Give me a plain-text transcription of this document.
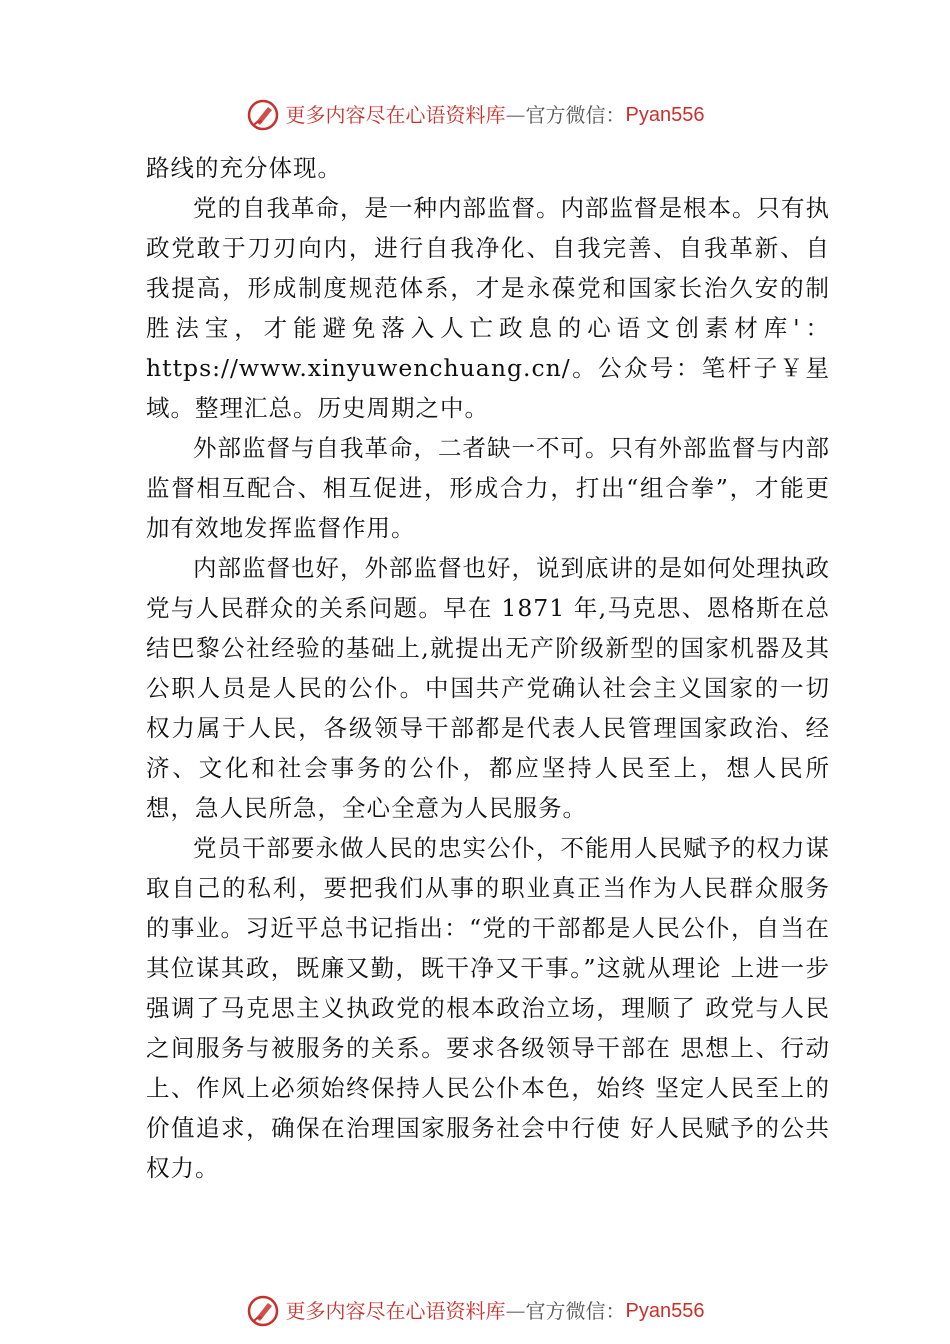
更多内容尽在心语资料库 — 官方微信： Pyan556

路线的充分体现。

党的自我革命，是一种内部监督。内部监督是根本。只有执政党敢于刀刃向内，进行自我净化、自我完善、自我革新、自我提高，形成制度规范体系，才是永葆党和国家长治久安的制胜法宝，才能避免落入人亡政息的心语文创素材库'：https://www.xinyuwenchuang.cn/。公众号：笔杆子￥星域。整理汇总。历史周期之中。

外部监督与自我革命，二者缺一不可。只有外部监督与内部监督相互配合、相互促进，形成合力，打出“组合拳”，才能更加有效地发挥监督作用。

内部监督也好，外部监督也好，说到底讲的是如何处理执政党与人民群众的关系问题。早在 1871 年,马克思、恩格斯在总结巴黎公社经验的基础上,就提出无产阶级新型的国家机器及其公职人员是人民的公仆。中国共产党确认社会主义国家的一切权力属于人民，各级领导干部都是代表人民管理国家政治、经济、文化和社会事务的公仆，都应坚持人民至上，想人民所想，急人民所急，全心全意为人民服务。

党员干部要永做人民的忠实公仆，不能用人民赋予的权力谋取自己的私利，要把我们从事的职业真正当作为人民群众服务的事业。习近平总书记指出：“党的干部都是人民公仆，自当在其位谋其政，既廉又勤，既干净又干事。”这就从理论 上进一步强调了马克思主义执政党的根本政治立场，理顺了 政党与人民之间服务与被服务的关系。要求各级领导干部在 思想上、行动上、作风上必须始终保持人民公仆本色，始终 坚定人民至上的价值追求，确保在治理国家服务社会中行使 好人民赋予的公共权力。

更多内容尽在心语资料库 — 官方微信： Pyan556
